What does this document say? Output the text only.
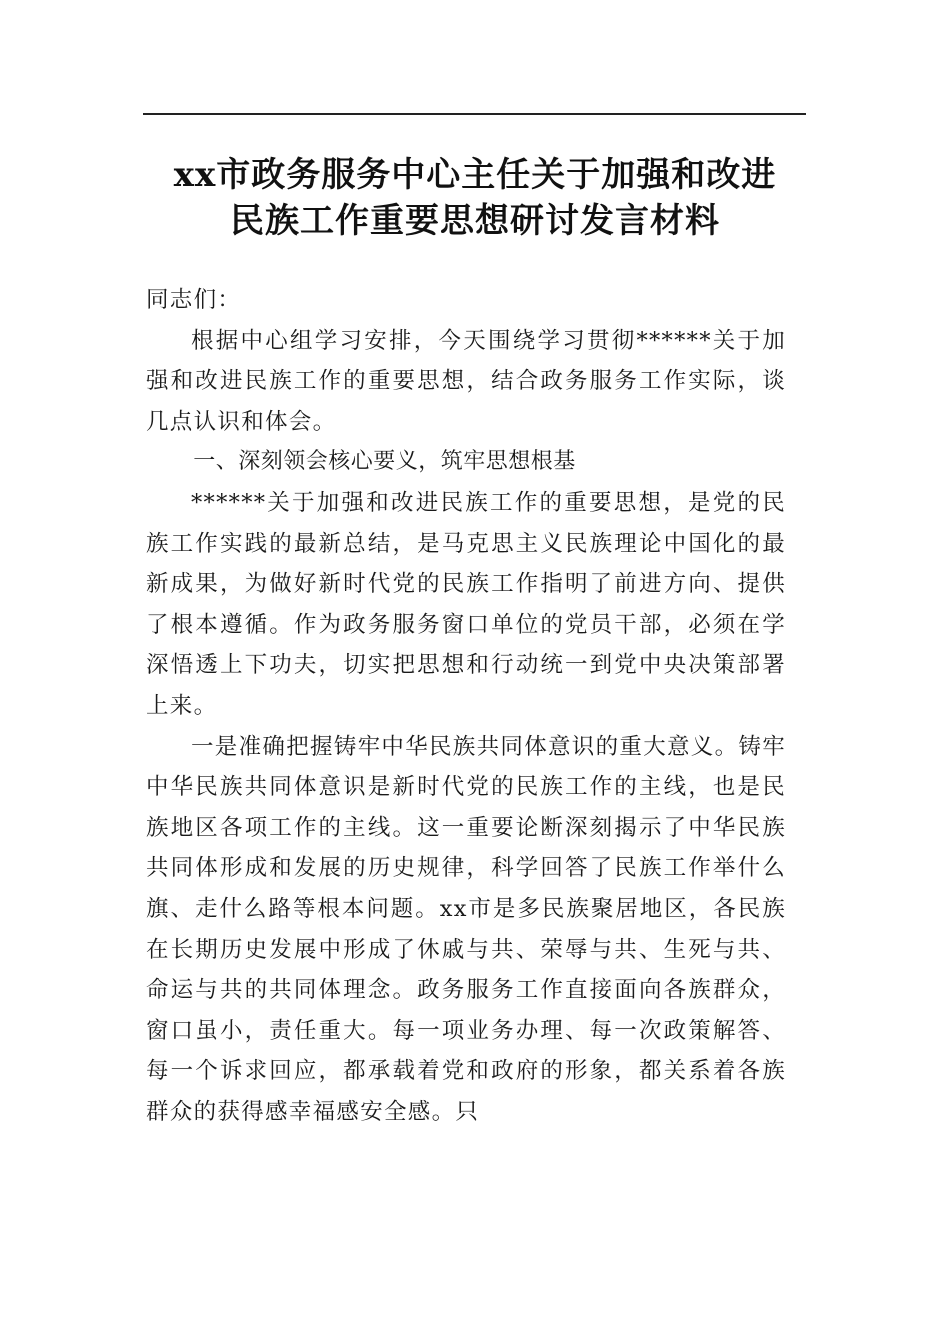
xx市政务服务中心主任关于加强和改进
民族工作重要思想研讨发言材料

同志们：

根据中心组学习安排，今天围绕学习贯彻******关于加强和改进民族工作的重要思想，结合政务服务工作实际，谈几点认识和体会。

一、深刻领会核心要义，筑牢思想根基

******关于加强和改进民族工作的重要思想，是党的民族工作实践的最新总结，是马克思主义民族理论中国化的最新成果，为做好新时代党的民族工作指明了前进方向、提供了根本遵循。作为政务服务窗口单位的党员干部，必须在学深悟透上下功夫，切实把思想和行动统一到党中央决策部署上来。

一是准确把握铸牢中华民族共同体意识的重大意义。铸牢中华民族共同体意识是新时代党的民族工作的主线，也是民族地区各项工作的主线。这一重要论断深刻揭示了中华民族共同体形成和发展的历史规律，科学回答了民族工作举什么旗、走什么路等根本问题。xx市是多民族聚居地区，各民族在长期历史发展中形成了休戚与共、荣辱与共、生死与共、命运与共的共同体理念。政务服务工作直接面向各族群众，窗口虽小，责任重大。每一项业务办理、每一次政策解答、每一个诉求回应，都承载着党和政府的形象，都关系着各族群众的获得感幸福感安全感。只
